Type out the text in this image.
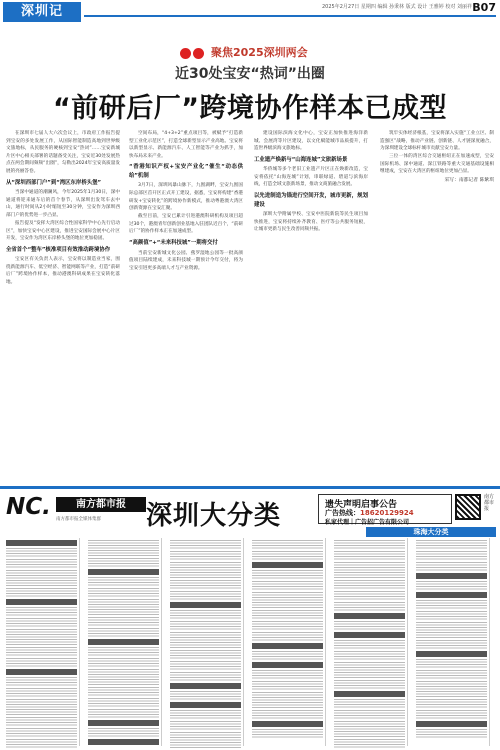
深圳记	2025年2月27日 星期四 编辑 孙秉林 版式 设计 王雅婷 校对 刘丽祥 B07
聚焦2025深圳两会
近30处宝安“热词”出圈
“前研后厂”跨境协作样本已成型

在深圳市七届人大六次会议上，市政府工作报告提到宝安的多处发展工作，从国际智能制造高地到世界级文旅地标，从民服务的硬核到宝安“热词”……宝安新城片区中心相关部署的话题备受关注，宝安近30处发展热点在两会期间频频“出圈”，勾勒出2024年宝安高质量发展的亮丽答卷。

从“深圳西部门户”到“湾区东岸桥头堡”

当深中通道的潮澜风，今年2025年1月30日，深中通道将迎来通车后的首个春节，从深圳出发驾车去中山，通行时间从2小时缩短至30分钟，宝安作为深圳西部门户的优势进一步凸显。

报告提及“发挥大湾区综合性国家科学中心先行启动区”，加快宝安中心区建设，推进宝安国际会展中心片区开发，宝安作为湾区东岸桥头堡的地位更加稳固。

全省首个“整车”核准项目有效推动跨境协作

宝安区有关负责人表示，宝安将以制造业当家，围绕新能源汽车、低空经济、智能网联等产业，打造“前研后厂”跨境协作样本，推动港澳科研成果在宝安转化落地。

空间布局，“4+3+2”重点项目等，被赋予“打造新型工业化示范区”，打造全球新型显示产业高地。宝安将以新型显示、新能源汽车、人工智能等产业为抓手，加快布局未来产业。

“香港知识产权+宝安产业化”催生“动态供给”机制

3月7日，深圳风暴山脉下，九围湖畔，宝安九围国际总部区首开区正式开工建设，据悉，宝安将构建“香港研发+宝安转化”的跨境协作新模式，推动粤港澳大湾区创新资源在宝安汇聚。

截至目前，宝安已累计引进港澳科研机构及项目超过30个，港澳青年创新创业基地入驻团队近百个，“前研后厂”的协作样本正在加速成型。

“高颜值”+“未来科技城”一期将交付

当前宝安新城文化公园、燕罗湿地公园等一批高颜值项目陆续建成，未来科技城一期预计今年交付，将为宝安引进更多高端人才与产业资源。

建设国际滨海文化中心，宝安正加快推进海洋新城、会展湾等片区建设，以文化赋能城市品质提升，打造世界级滨海文旅地标。

工业遗产焕新与“山海连城”文旅新场景

华侨城等多个老旧工业遗产片区正在焕新改造，宝安将依托“山海连城”计划，串联绿道、碧道与滨海岸线，打造全域文旅新场景，推动文商旅融合发展。

以先进制造为锚进行空间开发，城市更新，规划建设

深圳大学附属学校、宝安中医院新院等民生项目加快推进，宝安将持续补齐教育、医疗等公共服务短板，让城市更新与民生改善同频共振。

筑牢实体经济根基，宝安将深入实施“工业立区、制造强区”战略，推动产业链、创新链、人才链深度融合，为深圳建设全球标杆城市贡献宝安力量。

三位一体的湾区综合交通枢纽正在加速成型，宝安国际机场、深中通道、深江铁路等重大交通基础设施相继建成，宝安在大湾区的枢纽地位更加凸显。

采写：南都记者 陈紫琪
NC.	南方都市报
南方都市报全媒体集群 深圳大分类	遗失声明启事公告
广告热线：18620129924
私家代理｜广告招广告有限公司
南方都市报
珠海大分类
